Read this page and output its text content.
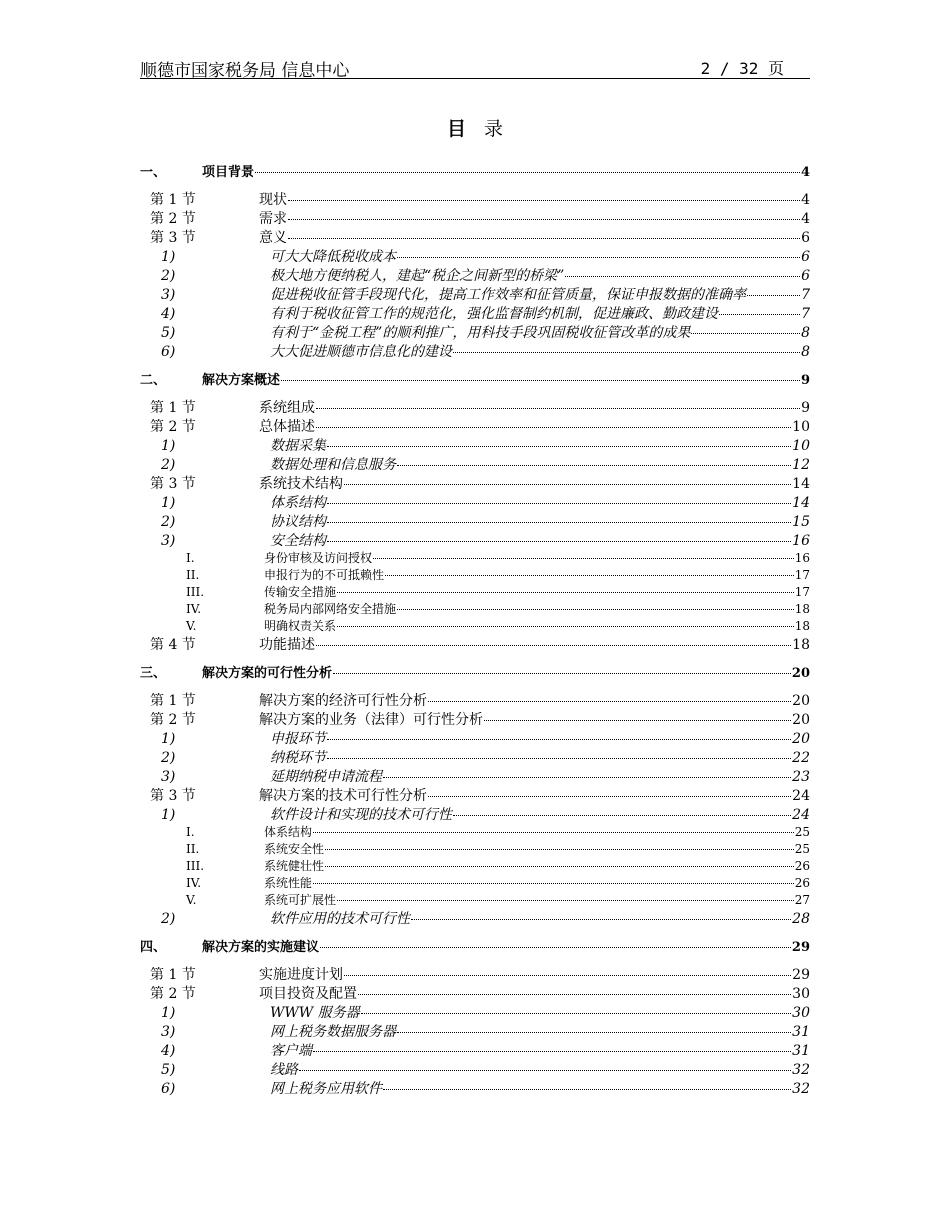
顺德市国家税务局 信息中心	2 / 32 页
目 录
一、	项目背景	4
第 1 节	现状	4
第 2 节	需求	4
第 3 节	意义	6
1)	可大大降低税收成本	6
2)	极大地方便纳税人，建起“税企之间新型的桥梁”	6
3)	促进税收征管手段现代化，提高工作效率和征管质量，保证申报数据的准确率	7
4)	有利于税收征管工作的规范化，强化监督制约机制，促进廉政、勤政建设	7
5)	有利于“金税工程”的顺利推广，用科技手段巩固税收征管改革的成果	8
6)	大大促进顺德市信息化的建设	8
二、	解决方案概述	9
第 1 节	系统组成	9
第 2 节	总体描述	10
1)	数据采集	10
2)	数据处理和信息服务	12
第 3 节	系统技术结构	14
1)	体系结构	14
2)	协议结构	15
3)	安全结构	16
I.	身份审核及访问授权	16
II.	申报行为的不可抵赖性	17
III.	传输安全措施	17
IV.	税务局内部网络安全措施	18
V.	明确权责关系	18
第 4 节	功能描述	18
三、	解决方案的可行性分析	20
第 1 节	解决方案的经济可行性分析	20
第 2 节	解决方案的业务（法律）可行性分析	20
1)	申报环节	20
2)	纳税环节	22
3)	延期纳税申请流程	23
第 3 节	解决方案的技术可行性分析	24
1)	软件设计和实现的技术可行性	24
I.	体系结构	25
II.	系统安全性	25
III.	系统健壮性	26
IV.	系统性能	26
V.	系统可扩展性	27
2)	软件应用的技术可行性	28
四、	解决方案的实施建议	29
第 1 节	实施进度计划	29
第 2 节	项目投资及配置	30
1)	WWW 服务器	30
3)	网上税务数据服务器	31
4)	客户端	31
5)	线路	32
6)	网上税务应用软件	32
